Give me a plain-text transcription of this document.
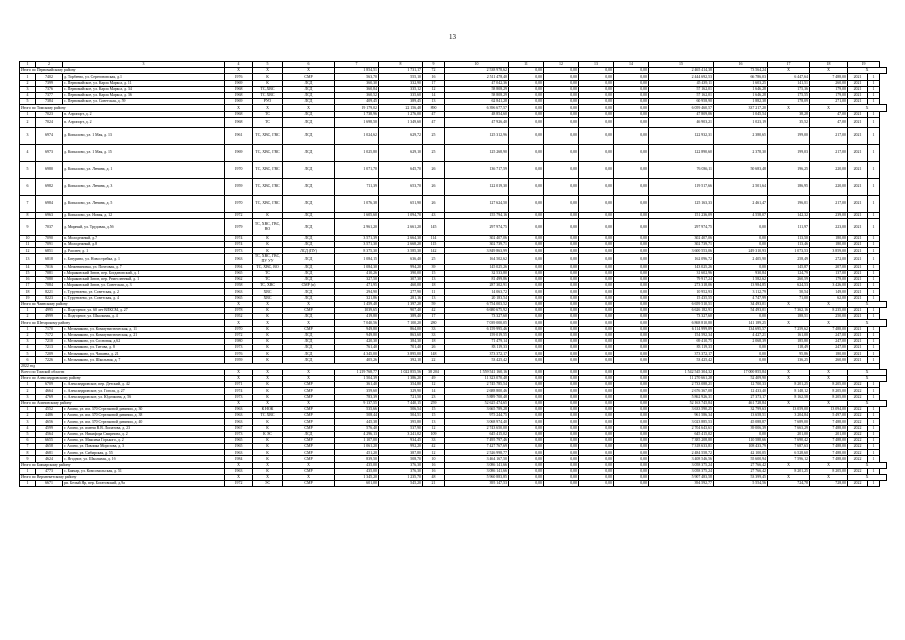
13
1	2	3	4	5	6	7	8	9	10	11	12	13	14	15	16	17	18	19	
Итого по Первомайскому району			X	X	X	1 854,51	1 731,17	72	2 538 978,62	0,00	0,00	0,00	0,00	2 465 414,38	73 564,24	X	X	X	
1	7402	д. Торбеево, ул. Серегоновская, д.1	1976	К	СМР	563,70	555,10	16	2 511 478,40	0,00	0,00	0,00	0,00	2 444 692,53	66 786,03	6 447,64	7 488,00	2021	1
2	7399	с. Первомайское, ул. Карла Маркса, д. 11	1969	К	ЛСД	360,30	332,90	17	47 042,36	0,00	0,00	0,00	0,00	45 439,11	1 603,25	141,51	260,00	2021	1
3	7376	с. Первомайское, ул. Карла Маркса, д. 34	1968	ТС,ХВС	ЛСД	360,84	335,12	12	58 808,29	0,00	0,00	0,00	0,00	57 162,01	1 646,28	175,36	179,00	2021	1
4	7377	с. Первомайское, ул. Карла Маркса, д. 36	1968	ТС ХВС	ЛСД	360,52	335,60	14	58 808,29	0,00	0,00	0,00	0,00	57 162,01	1 646,28	175,55	179,00	2021	1
5	7384	с. Первомайское, ул. Советская, д. 59	1969	РУО	ЛСД	409,45	389,45	13	62 841,28	0,00	0,00	0,00	0,00	60 958,90	1 882,38	178,09	271,00	2021	1
Итого по Томскому району			X	X	X	19 179,02	22 156,48	890	6 396 677,57	0,00	0,00	0,00	0,00	6 059 460,57	337 217,20	X	X	X	
1	7023	п. Аэропорт, д. 2	1968	ТС	ЛСД	1 738,96	1 276,00	47	48 854,60	0,00	0,00	0,00	0,00	47 809,06	1 045,54	38,28	47,00	2021	1
2	7024	п. Аэропорт, д. 2	1968	ТС	ЛСД	1 698,50	1 349,60	47	47 926,40	0,00	0,00	0,00	0,00	46 903,21	1 023,19	35,52	47,00	2021	1
3	6974	д. Копылово, ул. 1 Мая, д. 13	1961	ТС, ХВС, ГВС	ЛСД	1 024,62	629,72	25	125 312,96	0,00	0,00	0,00	0,00	122 932,31	2 380,65	199,00	217,00	2021	1
4	6973	д. Копылово, ул. 1 Мая, д. 15	1969	ТС, ХВС, ГВС	ЛСД	1 025,80	629,10	25	125 268,90	0,00	0,00	0,00	0,00	122 890,60	2 378,30	199,03	217,00	2021	1
5	6980	д. Копылово, ул. Ленина, д. 1	1970	ТС, ХВС, ГВС	ЛСД	1 071,70	645,70	26	136 717,59	0,00	0,00	0,00	0,00	76 036,11	50 683,48	196,25	220,00	2021	1
6	6982	д. Копылово, ул. Ленина, д. 3	1959	ТС, ХВС, ГВС	ЛСД	711,39	653,70	26	122 019,30	0,00	0,00	0,00	0,00	119 517,66	2 501,64	186,95	220,00	2021	1
7	6984	д. Копылово, ул. Ленина, д. 5	1970	ТС, ХВС, ГВС	ЛСД	1 076,38	651,90	26	127 624,50	0,00	0,00	0,00	0,00	125 163,33	2 461,47	196,01	217,00	2021	1
8	6963	д. Копылово, ул. Новая, д. 12	1972	К	ЛСД	1 605,60	1 094,70	43	155 794,16	0,00	0,00	0,00	0,00	151 236,09	4 558,07	142,32	239,00	2021	1
9	7037	д. Мирный, ул. Трудовая, д.5б	1979	ТС, ХВС, ГВС, ВО	ЛСД	2 961,20	2 661,20	145	297 974,75	0,00	0,00	0,00	0,00	297 974,75	0,00	111,97	223,00	2021	1
10	7090	п. Молодежный, д.7	1974	К	ЛСД	3 571,39	2 664,30	114	302 407,06	0,00	0,00	0,00	0,00	302 407,06	0,00	113,50	180,00	2021	1
11	7091	п. Молодежный, д.8	1974	К	ЛСД	3 571,30	2 668,20	115	302 739,71	0,00	0,00	0,00	0,00	302 739,71	0,00	113,46	180,00	2021	1
12	6851	д. Рассвет, д. 1	1973	К	ЛСД (ПУ)	8 375,30	3 585,30	142	3 849 863,99	0,00	0,00	0,00	0,00	3 600 553,06	249 310,93	1 073,53	3 859,00	2021	1
13	6818	с. Батурино, ул. Новострейка, д. 1	1963	ТС, ХВС, ГВС, ПУ УУ	ЛСД	1 084,15	636,40	25	164 502,62	0,00	0,00	0,00	0,00	162 096,72	2 405,90	258,49	272,00	2021	1
14	7016	с. Межениновка, ул. Почтовая, д. 7	1994	ТС, ХВС, ВО	ЛСД	1 084,30	994,20	39	145 025,26	0,00	0,00	0,00	0,00	143 025,26	0,00	145,87	207,00	2021	1
15	7081	с.Моряковский Затон, пер. Богдановский, д. 1	1965	ТС	ЛСД	410,26	390,00	15	32 533,80	0,00	0,00	0,00	0,00	31 602,96	930,84	124,79	137,00	2021	1
16	7080	с.Моряковский Затон, пер. Ремесленный, д. 1	1962	ТС	ЛСД	327,50	307,30	13	81 499,86	0,00	0,00	0,00	0,00	79 917,24	1 582,62	260,59	179,00	2021	1
17	7084	с.Моряковский Затон, ул. Советская, д. 3	1958	ТС, ХВС	СМР (п)	471,95	460,00	18	287 302,91	0,00	0,00	0,00	0,00	273 318,06	13 984,85	624,53	3 426,00	2021	1
18	8221	с. Турунтаево, ул. Советская, д. 2	1963	ХВС	ЛСД	294,90	277,90	11	14 063,72	0,00	0,00	0,00	0,00	10 952,93	3 112,79	50,54	149,00	2021	1
19	8223	с. Турунтаево, ул. Советская, д. 4	1965	ХВС	ЛСД	321,86	281,16	13	20 183,54	0,00	0,00	0,00	0,00	15 435,55	4 747,99	71,00	62,00	2021	1
Итого по Чаинскому району			X	X	X	1 459,48	1 397,20	59	6 754 003,52	0,00	0,00	0,00	0,00	6 659 510,51	34 493,01	X	X	X	
1	4995	с. Подгорное, ул. 60 лет ВЛКСМ, д. 27	1978	К	СМР	1039,65	907,40	42	6 680 675,92	0,00	0,00	0,00	0,00	6 626 182,91	54 493,01	7 362,16	8 235,00	2021	1
2	4999	с. Подгорное, ул. Школьная, д. 4	1952	К	ЛСД	419,80	389,40	17	73 327,60	0,00	0,00	0,00	0,00	73 327,60	0,00	188,51	250,00	2021	1
Итого по Шегарскому району			X	X	X	7 040,56	7 100,20	280	7 039 000,05	0,00	0,00	0,00	0,00	6 868 810,80	141 189,25	X	X	X	
1	7170	с. Мельниково, ул. Коммунистическая, д. 11	1970	К	СМР	949,80	864,00	33	6 159 995,46	0,00	0,00	0,00	0,00	6 114 999,89	134 695,57	7 259,62	7 488,00	2021	1
2	7172	с. Мельниково, ул. Коммунистическая, д. 21	1972	К	ЛСД	949,80	863,60	33	159 019,55	0,00	0,00	0,00	0,00	154 592,34	4 427,21	161,00	247,00	2021	1
3	7210	с. Мельниково, ул. Сосновая, д.62	1980	К	ЛСД	420,30	384,30	18	71 479,14	0,00	0,00	0,00	0,00	69 410,75	2 068,39	185,80	247,00	2021	1
4	7213	с. Мельниково, ул. Титова, д. 8	1973	К	ЛСД	761,40	701,40	26	83 119,33	0,00	0,00	0,00	0,00	83 119,33	0,00	118,49	247,00	2021	1
5	7209	с. Мельниково, ул. Чапаева, д. 21	1976	К	ЛСД	4 345,00	3 895,00	148	373 372,17	0,00	0,00	0,00	0,00	373 372,17	0,00	95,86	180,00	2021	1
6	7226	с. Мельниково, ул. Школьная, д. 7	1959	К	ЛСД	405,26	392,10	22	53 425,42	0,00	0,00	0,00	0,00	53 425,42	0,00	136,25	260,00	2021	1
2022 год																			
Всего по Томской области			X	X	X	1 219 768,77	1 022 855,56	38 204	1 559 541 160,16	0,00	0,00	0,00	0,00	1 542 545 304,32	17 000 855,84	X	X	X	
Итого по Александровскому району			X	X	X	1 504,39	1 386,20	49	11 323 070,48	0,00	0,00	0,00	0,00	11 270 661,28	52 409,90	X	X	X	
1	6709	с. Александровское, пер. Детский, д. 42	1971	К	СМР	361,40	354,80	12	2 745 785,54	0,00	0,00	0,00	0,00	2 733 088,21	12 700,33	8 201,25	8 205,00	2022	1
2	4664	с. Александровское, ул. Гоголя, д. 27	1974	К	СМР	359,60	329,90	14	2 688 800,46	0,00	0,00	0,00	0,00	2 676 367,08	12 433,40	8 148,12	8 205,00	2022	1
3	4769	с. Александровское, ул. Юдочкина, д. 56	1973	К	СМР	783,39	721,50	23	5 889 700,48	0,00	0,00	0,00	0,00	5 862 926,31	27 373,17	8 162,58	8 205,00	2022	1
Итого по Асиновскому району			X	X	X	9 137,55	7 440,15	259	52 625 474,65	0,00	0,00	0,00	0,00	52 163 745,84	461 728,84	X	X	X	
1	4552	г. Асино, ул. им. 370 Стрелковой дивизии, д. 30	1963	К НОК	СМР	535,66	506,54	15	3 665 789,28	0,00	0,00	0,00	0,00	3 633 590,25	32 799,63	13 059,00	13 094,00	2022	1
2	4486	г. Асино, ул. им. 370 Стрелковой дивизии, д. 38	1963	ТС ХВС	СМР	508,44	504,51	15	975 244,75	0,00	0,00	0,00	0,00	961 586,34	13 658,51	3 204,84	5 497,00	2022	1
3	4656	г. Асино, ул. им. 370 Стрелковой дивизии, д. 40	1963	К	СМР	445,38	395,80	13	3 068 974,40	0,00	0,00	0,00	0,00	3 023 885,53	45 088,87	7 689,00	7 488,00	2022	1
4	4599	г. Асино, ул. имени В.В. Липатова, д. 23	1967	К	СМР	576,40	537,90	12	2 743 650,00	0,00	0,00	0,00	0,00	2 704 643,61	39 006,39	7 663,29	7 488,00	2022	1
5	4564	г. Асино, ул. Никифора Смирнова, д. 2	1973	К ЭС	ЛСД	4 296,13	3 241,02	109	645 415,02	0,00	0,00	0,00	0,00	645 415,02	0,00	201,00	201,00	2022	1
6	6655	г. Асино, ул. Максима Горького, д. 2	1965	К	СМР	1 107,00	934,45	33	7 495 797,46	0,00	0,00	0,00	0,00	7 385 208,80	110 588,66	7 690,42	7 488,00	2022	1
7	4658	г. Асино, ул. Павлика Морозова, д. 3	1965	К	СМР	1 061,20	992,20	42	7 427 767,69	0,00	0,00	0,00	0,00	7 318 633,81	108 433,79	7 687,63	7 488,00	2022	1
8	4681	г. Асино, ул. Сибирская, д. 55	1963	К	СМР	451,20	387,80	12	2 526 998,77	0,00	0,00	0,00	0,00	2 484 558,72	42 100,05	6 528,60	7 488,00	2022	1
9	4624	с. Ягодное, ул. Школьная, д. 1б	1984	К	СМР	839,50	508,70	10	3 464 167,50	0,00	0,00	0,00	0,00	3 408 546,56	55 600,94	7 596,12	7 488,00	2022	1
Итого по Бакчарскому району			X	X	X	435,00	376,30	16	3 086 141,66	0,00	0,00	0,00	0,00	3 058 375,24	27 766,42	X	X	X	
1	4773	с. Бакчар, ул. Комсомольская, д. 51	1963	К	СМР	435,00	376,30	16	3 086 141,66	0,00	0,00	0,00	0,00	3 058 375,24	27 766,42	8 201,25	8 205,00	2022	1
Итого по Верхнекетскому району			X	X	X	1 345,20	1 235,70	48	5 960 883,85	0,00	0,00	0,00	0,00	5 907 483,58	53 399,45	X	X	X	
1	6671	рп. Белый Яр, пер. Богатовский, д.9а	1972	ЭС	СМР	601,00	545,20	21	395 147,53	0,00	0,00	0,00	0,00	394 592,77	5 554,56	724,78	728,00	2022	1
